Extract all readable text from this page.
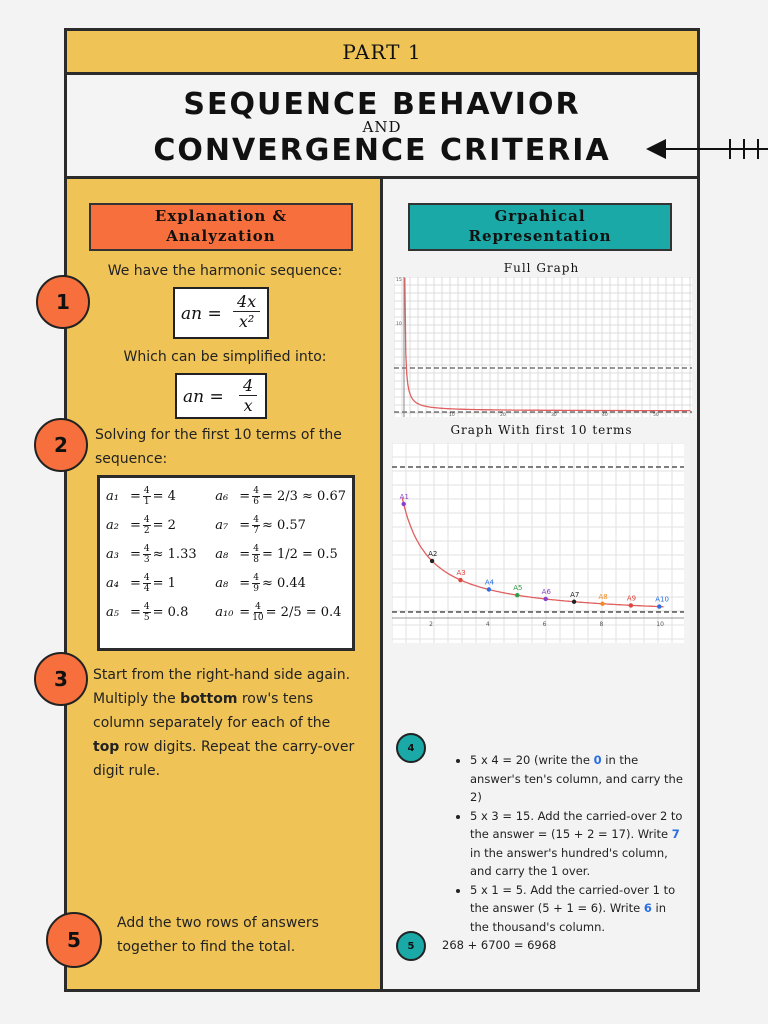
PART 1
SEQUENCE BEHAVIOR
AND
CONVERGENCE CRITERIA
Explanation &
Analyzation
We have the harmonic sequence:
an = $\frac{4x}{\text{x²}}$
Which can be simplified into:
an = $\frac{4}{x}$
Solving for the first 10 terms of the sequence:
$a_1 = \frac{4}{1} = 4$	$a_6 = \frac{4}{6} = 2/3 \approx 0.67$
$a_2 = \frac{4}{2} = 2$	$a_7 = \frac{4}{7} \approx 0.57$
$a_3 = \frac{4}{3} \approx 1.33$ $a_8 = \frac{4}{8} = 1/2 = 0.5$
$a_4 = \frac{4}{4} = 1$	$a_8 = \frac{4}{9} \approx 0.44$
$a_5 = \frac{4}{5} = 0.8$ $a_{10} = \frac{4}{10} = 2/5 = 0.4$
Start from the right-hand side again. Multiply the bottom row's tens column separately for each of the top row digits. Repeat the carry-over digit rule.
Add the two rows of answers together to find the total.
Grpahical
Representation
Full Graph
10	20	30	40	50
10
15
Graph With first 10 terms
A1
A2
A3
A4
A5	A6	A7	A8	A9	A10
2	4	6	8	10
4
• 5 x 4 = 20 (write the 0 in the answer's ten's column, and carry the 2)
• 5 x 3 = 15. Add the carried-over 2 to the answer = (15 + 2 = 17). Write 7 in the answer's hundred's column, and carry the 1 over.
• 5 x 1 = 5. Add the carried-over 1 to the answer (5 + 1 = 6). Write 6 in the thousand's column.
5	268 + 6700 = 6968
1
2
3
5
